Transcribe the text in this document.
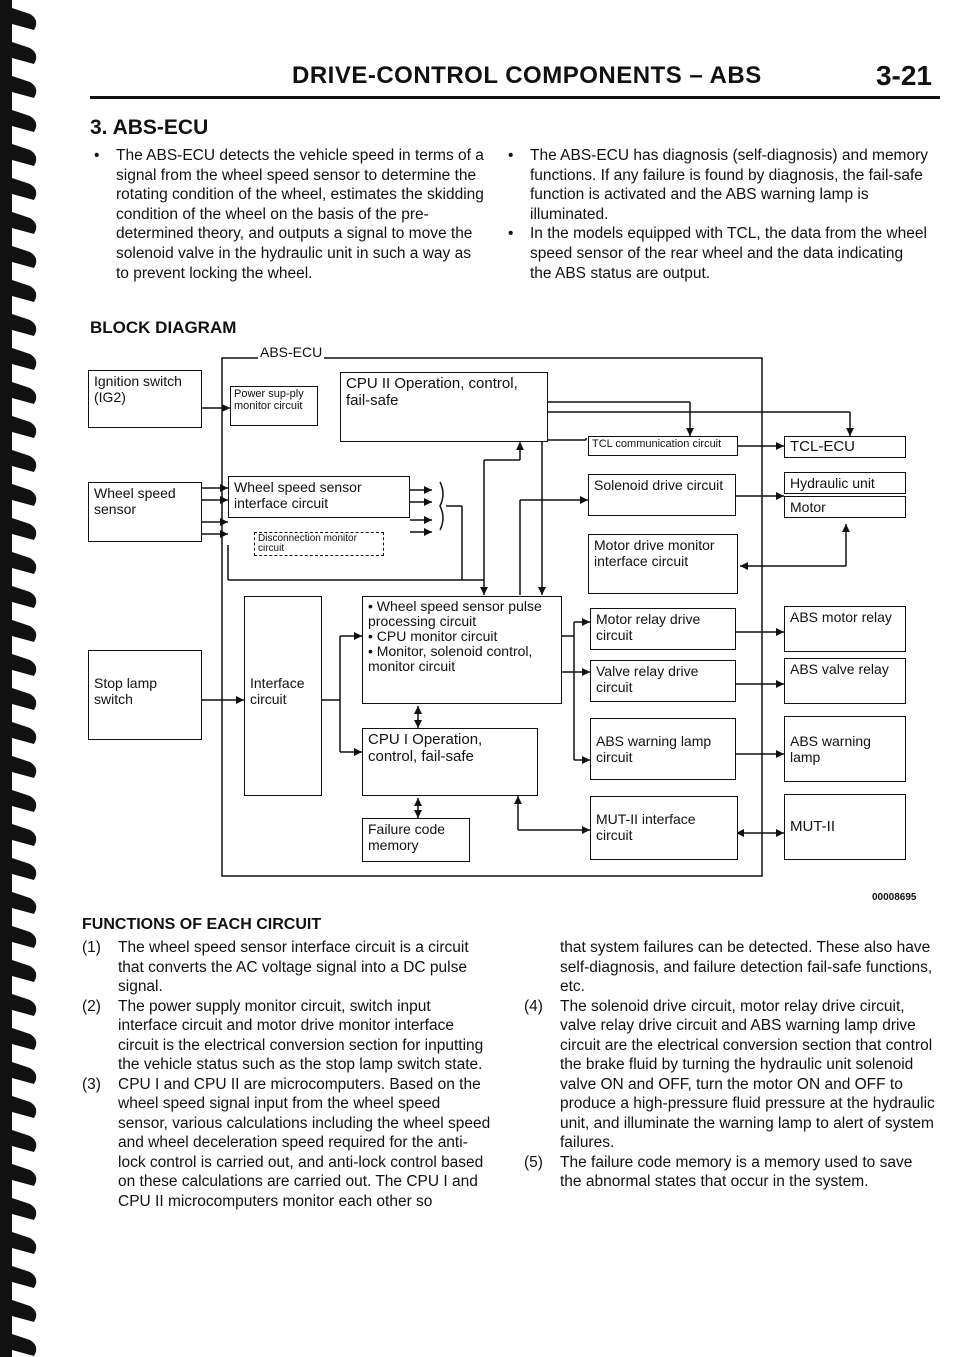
DRIVE-CONTROL COMPONENTS – ABS	3-21
3. ABS-ECU

• The ABS-ECU detects the vehicle speed in terms of a signal from the wheel speed sensor to determine the rotating condition of the wheel, estimates the skidding condition of the wheel on the basis of the pre-determined theory, and outputs a signal to move the solenoid valve in the hydraulic unit in such a way as to prevent locking the wheel.

• The ABS-ECU has diagnosis (self-diagnosis) and memory functions. If any failure is found by diagnosis, the fail-safe function is activated and the ABS warning lamp is illuminated.

• In the models equipped with TCL, the data from the wheel speed sensor of the rear wheel and the data indicating the ABS status are output.

BLOCK DIAGRAM
ABS-ECU
Ignition switch (IG2)	Power sup-ply monitor circuit
CPU II Operation, control, fail-safe
TCL communication circuit	TCL-ECU
Wheel speed sensor
Wheel speed sensor interface circuit
Disconnection monitor circuit
Solenoid drive circuit	Hydraulic unit
Motor
Motor drive monitor interface circuit
Interface circuit
Stop lamp switch
• Wheel speed sensor pulse processing circuit
• CPU monitor circuit
• Monitor, solenoid control, monitor circuit
Motor relay drive circuit
ABS motor relay
Valve relay drive circuit
ABS valve relay
CPU I Operation, control, fail-safe
ABS warning lamp circuit
ABS warning lamp
Failure code memory
MUT-II interface circuit	MUT-II
00008695
FUNCTIONS OF EACH CIRCUIT

(1) The wheel speed sensor interface circuit is a circuit that converts the AC voltage signal into a DC pulse signal.

(2) The power supply monitor circuit, switch input interface circuit and motor drive monitor interface circuit is the electrical conversion section for inputting the vehicle status such as the stop lamp switch state.

(3) CPU I and CPU II are microcomputers. Based on the wheel speed signal input from the wheel speed sensor, various calculations including the wheel speed and wheel deceleration speed required for the anti-lock control is carried out, and anti-lock control based on these calculations are carried out. The CPU I and CPU II microcomputers monitor each other so

that system failures can be detected. These also have self-diagnosis, and failure detection fail-safe functions, etc.

(4) The solenoid drive circuit, motor relay drive circuit, valve relay drive circuit and ABS warning lamp drive circuit are the electrical conversion section that control the brake fluid by turning the hydraulic unit solenoid valve ON and OFF, turn the motor ON and OFF to produce a high-pressure fluid pressure at the hydraulic unit, and illuminate the warning lamp to alert of system failures.

(5) The failure code memory is a memory used to save the abnormal states that occur in the system.
